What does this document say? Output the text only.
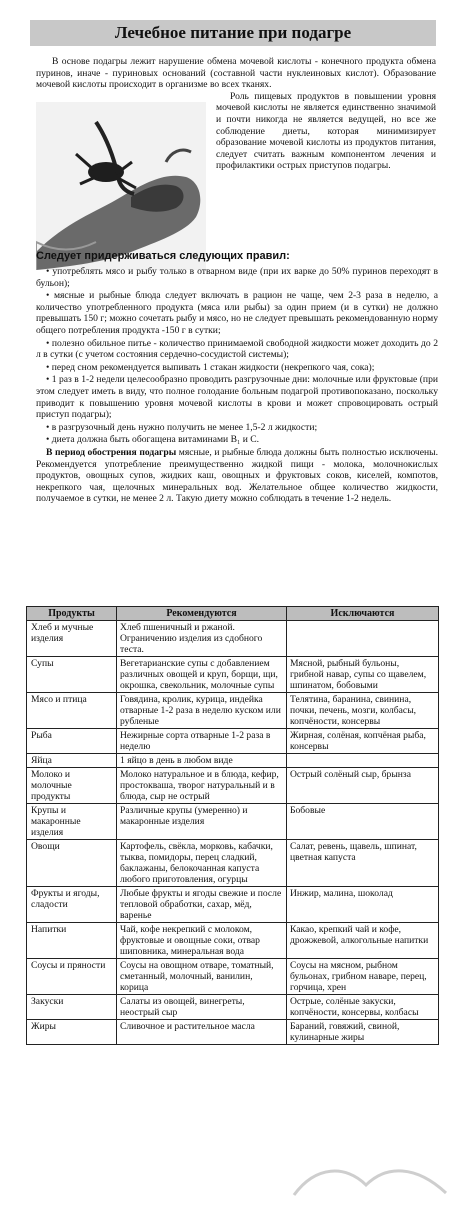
Лечебное питание при подагре

В основе подагры лежит нарушение обмена мочевой кислоты - конечного продукта обмена пуринов, иначе - пуриновых оснований (составной части нуклеиновых кислот). Образование мочевой кислоты происходит в организме во всех тканях.

Роль пищевых продуктов в повышении уровня мочевой кислоты не является единственно значимой и почти никогда не является ведущей, но все же соблюдение диеты, которая минимизирует образование мочевой кислоты из продуктов питания, следует считать важным компонентом лечения и профилактики острых приступов подагры.

Следует придерживаться следующих правил:

• употреблять мясо и рыбу только в отварном виде (при их варке до 50% пуринов переходят в бульон);

• мясные и рыбные блюда следует включать в рацион не чаще, чем 2-3 раза в неделю, а количество употребленного продукта (мяса или рыбы) за один прием (и в сутки) не должно превышать 150 г; можно сочетать рыбу и мясо, но не следует превышать рекомендованную норму общего потребления продукта -150 г в сутки;

• полезно обильное питье - количество принимаемой свободной жидкости может доходить до 2 л в сутки (с учетом состояния сердечно-сосудистой системы);

• перед сном рекомендуется выпивать 1 стакан жидкости (некрепкого чая, сока);

• 1 раз в 1-2 недели целесообразно проводить разгрузочные дни: молочные или фруктовые (при этом следует иметь в виду, что полное голодание больным подагрой противопоказано, поскольку приводит к повышению уровня мочевой кислоты в крови и может спровоцировать острый приступ подагры);

• в разгрузочный день нужно получить не менее 1,5-2 л жидкости;

• диета должна быть обогащена витаминами B₁ и С.

В период обострения подагры мясные, и рыбные блюда должны быть полностью исключены. Рекомендуется употребление преимущественно жидкой пищи - молока, молочнокислых продуктов, овощных супов, жидких каш, овощных и фруктовых соков, киселей, компотов, некрепкого чая, щелочных минеральных вод. Желательное общее количество жидкости, получаемое в сутки, не менее 2 л. Такую диету можно соблюдать в течение 1-2 недель.

Продукты	Рекомендуются	Исключаются
Хлеб и мучные изделия	Хлеб пшеничный и ржаной. Ограничению изделия из сдобного теста.	
Супы	Вегетарианские супы с добавлением различных овощей и круп, борщи, щи, окрошка, свекольник, молочные супы	Мясной, рыбный бульоны, грибной навар, супы со щавелем, шпинатом, бобовыми
Мясо и птица	Говядина, кролик, курица, индейка отварные 1-2 раза в неделю куском или рубленые	Телятина, баранина, свинина, почки, печень, мозги, колбасы, копчёности, консервы
Рыба	Нежирные сорта отварные 1-2 раза в неделю	Жирная, солёная, копчёная рыба, консервы
Яйца	1 яйцо в день в любом виде	
Молоко и молочные продукты	Молоко натуральное и в блюда, кефир, простокваша, творог натуральный и в блюда, сыр не острый	Острый солёный сыр, брынза
Крупы и макаронные изделия	Различные крупы (умеренно) и макаронные изделия	Бобовые
Овощи	Картофель, свёкла, морковь, кабачки, тыква, помидоры, перец сладкий, баклажаны, белокочанная капуста любого приготовления, огурцы	Салат, ревень, щавель, шпинат, цветная капуста
Фрукты и ягоды, сладости	Любые фрукты и ягоды свежие и после тепловой обработки, сахар, мёд, варенье	Инжир, малина, шоколад
Напитки	Чай, кофе некрепкий с молоком, фруктовые и овощные соки, отвар шиповника, минеральная вода	Какао, крепкий чай и кофе, дрожжевой, алкогольные напитки
Соусы и пряности	Соусы на овощном отваре, томатный, сметанный, молочный, ванилин, корица	Соусы на мясном, рыбном бульонах, грибном наваре, перец, горчица, хрен
Закуски	Салаты из овощей, винегреты, неострый сыр	Острые, солёные закуски, копчёности, консервы, колбасы
Жиры	Сливочное и растительное масла	Бараний, говяжий, свиной, кулинарные жиры
